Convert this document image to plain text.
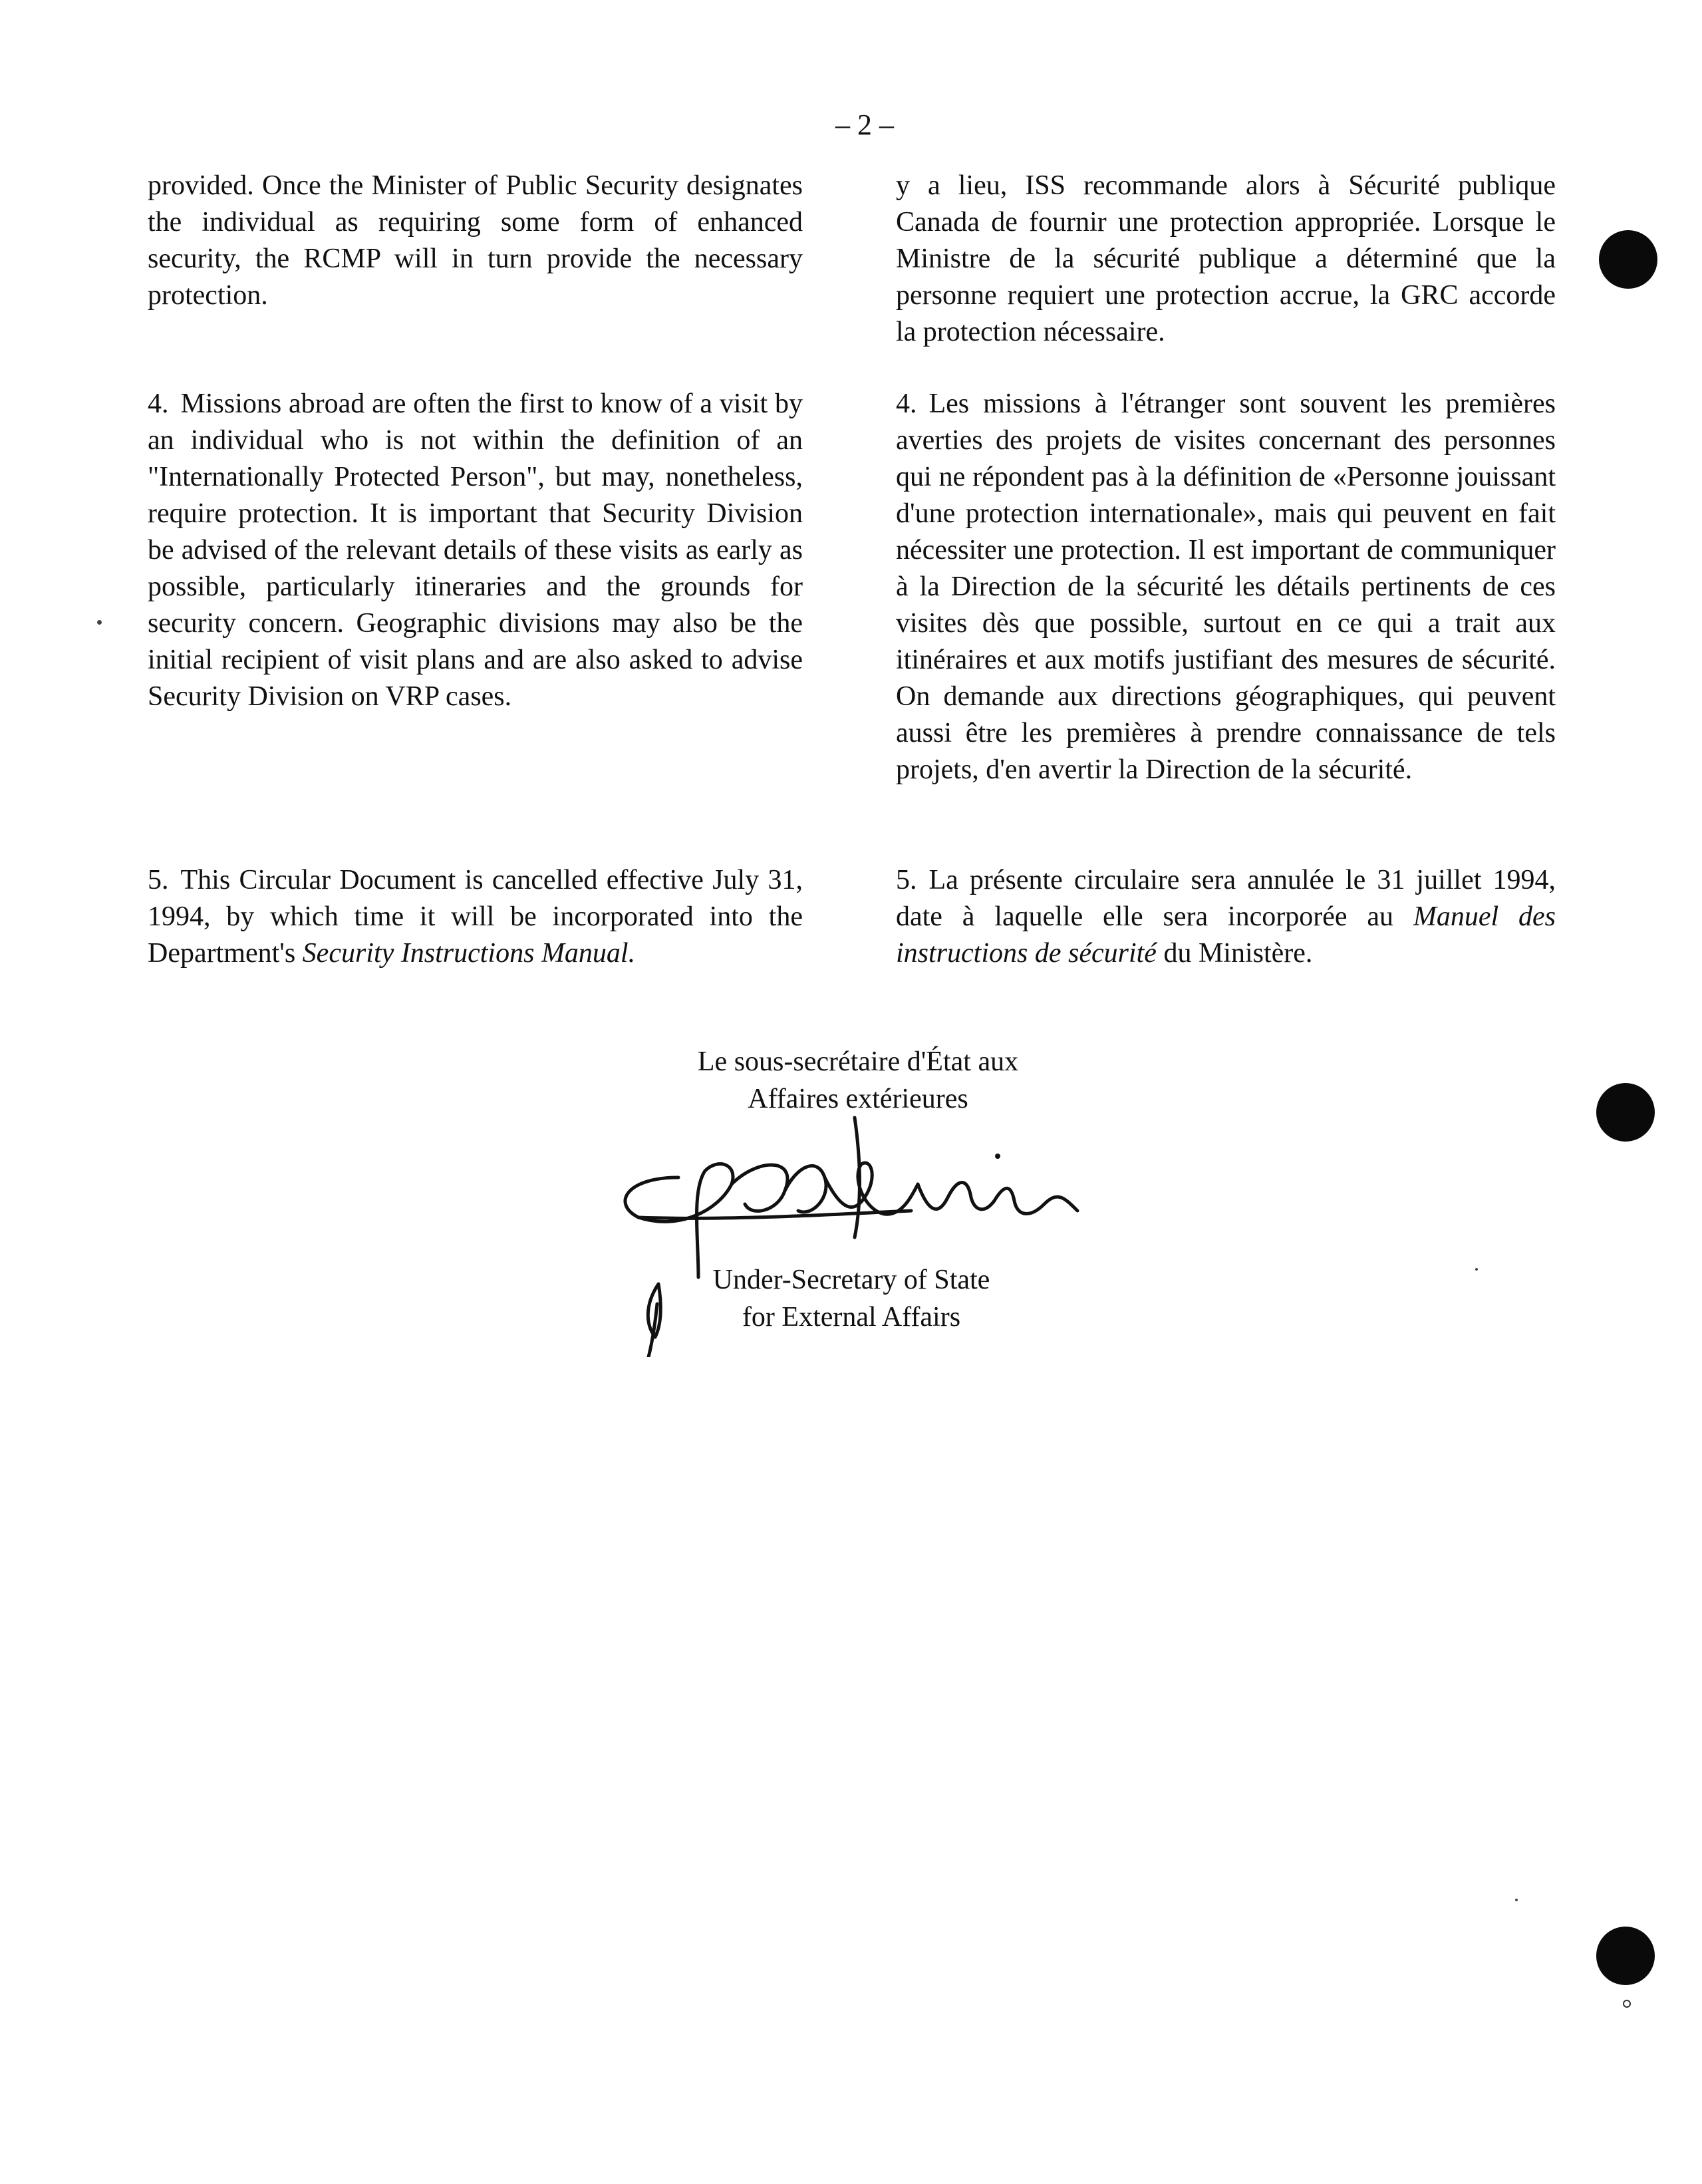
– 2 –

provided. Once the Minister of Public Security designates the individual as requiring some form of enhanced security, the RCMP will in turn provide the necessary protection.

4. Missions abroad are often the first to know of a visit by an individual who is not within the definition of an "Internationally Protected Person", but may, nonetheless, require protection. It is important that Security Division be advised of the relevant details of these visits as early as possible, particularly itineraries and the grounds for security concern. Geographic divisions may also be the initial recipient of visit plans and are also asked to advise Security Division on VRP cases.

5. This Circular Document is cancelled effective July 31, 1994, by which time it will be incorporated into the Department's Security Instructions Manual.

y a lieu, ISS recommande alors à Sécurité publique Canada de fournir une protection appropriée. Lorsque le Ministre de la sécurité publique a déterminé que la personne requiert une protection accrue, la GRC accorde la protection nécessaire.

4. Les missions à l'étranger sont souvent les premières averties des projets de visites concernant des personnes qui ne répondent pas à la définition de «Personne jouissant d'une protection internationale», mais qui peuvent en fait nécessiter une protection. Il est important de communiquer à la Direction de la sécurité les détails pertinents de ces visites dès que possible, surtout en ce qui a trait aux itinéraires et aux motifs justifiant des mesures de sécurité. On demande aux directions géographiques, qui peuvent aussi être les premières à prendre connaissance de tels projets, d'en avertir la Direction de la sécurité.

5. La présente circulaire sera annulée le 31 juillet 1994, date à laquelle elle sera incorporée au Manuel des instructions de sécurité du Ministère.

Le sous-secrétaire d'État aux
Affaires extérieures
Under-Secretary of State
for External Affairs
